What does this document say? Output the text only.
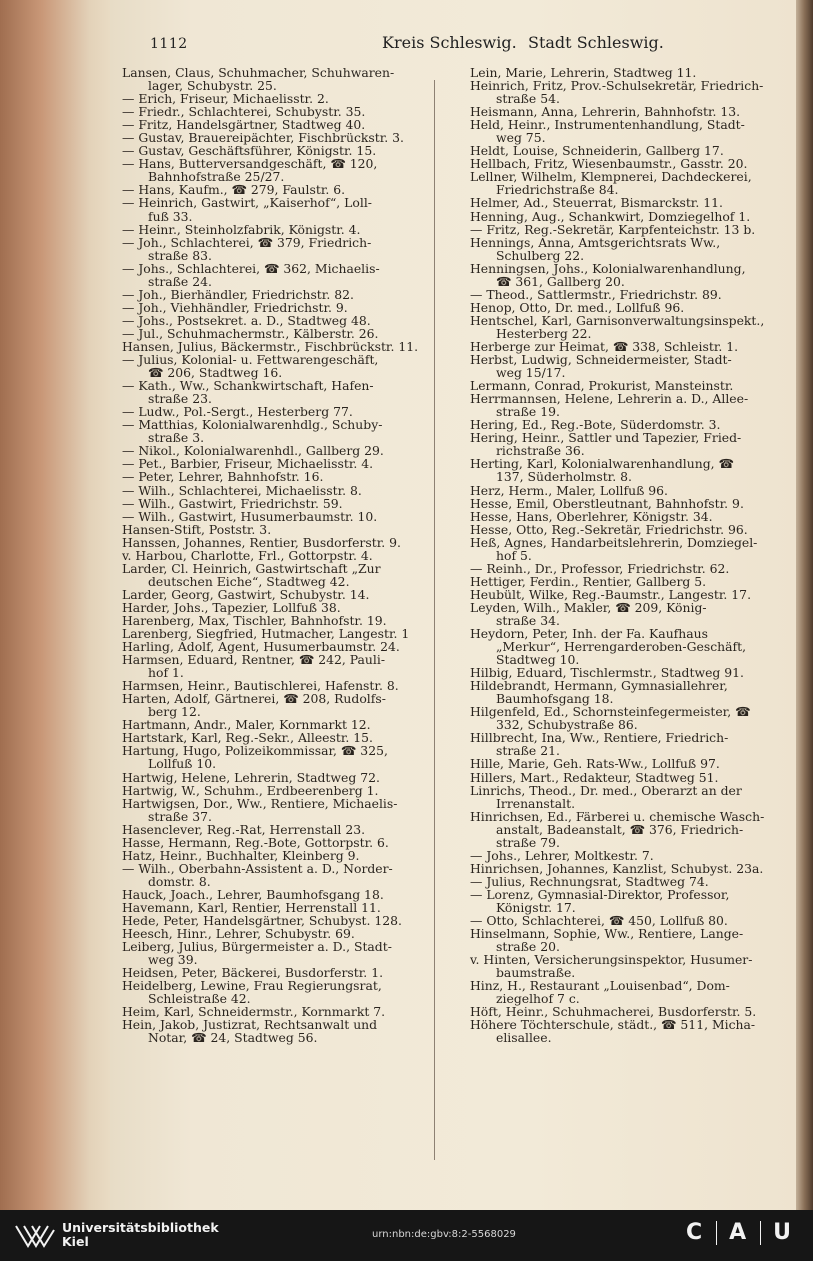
1112	Kreis Schleswig. Stadt Schleswig.
Lansen, Claus, Schuhmacher, Schuhwaren-
lager, Schubystr. 25.
— Erich, Friseur, Michaelisstr. 2.
— Friedr., Schlachterei, Schubystr. 35.
— Fritz, Handelsgärtner, Stadtweg 40.
— Gustav, Brauereipächter, Fischbrückstr. 3.
— Gustav, Geschäftsführer, Königstr. 15.
— Hans, Butterversandgeschäft, ☎ 120,
Bahnhofstraße 25/27.
— Hans, Kaufm., ☎ 279, Faulstr. 6.
— Heinrich, Gastwirt, „Kaiserhof“, Loll-
fuß 33.
— Heinr., Steinholzfabrik, Königstr. 4.
— Joh., Schlachterei, ☎ 379, Friedrich-
straße 83.
— Johs., Schlachterei, ☎ 362, Michaelis-
straße 24.
— Joh., Bierhändler, Friedrichstr. 82.
— Joh., Viehhändler, Friedrichstr. 9.
— Johs., Postsekret. a. D., Stadtweg 48.
— Jul., Schuhmachermstr., Kälberstr. 26.
Hansen, Julius, Bäckermstr., Fischbrückstr. 11.
— Julius, Kolonial- u. Fettwarengeschäft,
☎ 206, Stadtweg 16.
— Kath., Ww., Schankwirtschaft, Hafen-
straße 23.
— Ludw., Pol.-Sergt., Hesterberg 77.
— Matthias, Kolonialwarenhdlg., Schuby-
straße 3.
— Nikol., Kolonialwarenhdl., Gallberg 29.
— Pet., Barbier, Friseur, Michaelisstr. 4.
— Peter, Lehrer, Bahnhofstr. 16.
— Wilh., Schlachterei, Michaelisstr. 8.
— Wilh., Gastwirt, Friedrichstr. 59.
— Wilh., Gastwirt, Husumerbaumstr. 10.
Hansen-Stift, Poststr. 3.
Hanssen, Johannes, Rentier, Busdorferstr. 9.
v. Harbou, Charlotte, Frl., Gottorpstr. 4.
Larder, Cl. Heinrich, Gastwirtschaft „Zur
deutschen Eiche“, Stadtweg 42.
Larder, Georg, Gastwirt, Schubystr. 14.
Harder, Johs., Tapezier, Lollfuß 38.
Harenberg, Max, Tischler, Bahnhofstr. 19.
Larenberg, Siegfried, Hutmacher, Langestr. 1
Harling, Adolf, Agent, Husumerbaumstr. 24.
Harmsen, Eduard, Rentner, ☎ 242, Pauli-
hof 1.
Harmsen, Heinr., Bautischlerei, Hafenstr. 8.
Harten, Adolf, Gärtnerei, ☎ 208, Rudolfs-
berg 12.
Hartmann, Andr., Maler, Kornmarkt 12.
Hartstark, Karl, Reg.-Sekr., Alleestr. 15.
Hartung, Hugo, Polizeikommissar, ☎ 325,
Lollfuß 10.
Hartwig, Helene, Lehrerin, Stadtweg 72.
Hartwig, W., Schuhm., Erdbeerenberg 1.
Hartwigsen, Dor., Ww., Rentiere, Michaelis-
straße 37.
Hasenclever, Reg.-Rat, Herrenstall 23.
Hasse, Hermann, Reg.-Bote, Gottorpstr. 6.
Hatz, Heinr., Buchhalter, Kleinberg 9.
— Wilh., Oberbahn-Assistent a. D., Norder-
domstr. 8.
Hauck, Joach., Lehrer, Baumhofsgang 18.
Havemann, Karl, Rentier, Herrenstall 11.
Hede, Peter, Handelsgärtner, Schubyst. 128.
Heesch, Hinr., Lehrer, Schubystr. 69.
Leiberg, Julius, Bürgermeister a. D., Stadt-
weg 39.
Heidsen, Peter, Bäckerei, Busdorferstr. 1.
Heidelberg, Lewine, Frau Regierungsrat,
Schleistraße 42.
Heim, Karl, Schneidermstr., Kornmarkt 7.
Hein, Jakob, Justizrat, Rechtsanwalt und
Notar, ☎ 24, Stadtweg 56.
Lein, Marie, Lehrerin, Stadtweg 11.
Heinrich, Fritz, Prov.-Schulsekretär, Friedrich-
straße 54.
Heismann, Anna, Lehrerin, Bahnhofstr. 13.
Held, Heinr., Instrumentenhandlung, Stadt-
weg 75.
Heldt, Louise, Schneiderin, Gallberg 17.
Hellbach, Fritz, Wiesenbaumstr., Gasstr. 20.
Lellner, Wilhelm, Klempnerei, Dachdeckerei,
Friedrichstraße 84.
Helmer, Ad., Steuerrat, Bismarckstr. 11.
Henning, Aug., Schankwirt, Domziegelhof 1.
— Fritz, Reg.-Sekretär, Karpfenteichstr. 13 b.
Hennings, Anna, Amtsgerichtsrats Ww.,
Schulberg 22.
Henningsen, Johs., Kolonialwarenhandlung,
☎ 361, Gallberg 20.
— Theod., Sattlermstr., Friedrichstr. 89.
Henop, Otto, Dr. med., Lollfuß 96.
Hentschel, Karl, Garnisonverwaltungsinspekt.,
Hesterberg 22.
Herberge zur Heimat, ☎ 338, Schleistr. 1.
Herbst, Ludwig, Schneidermeister, Stadt-
weg 15/17.
Lermann, Conrad, Prokurist, Mansteinstr.
Herrmannsen, Helene, Lehrerin a. D., Allee-
straße 19.
Hering, Ed., Reg.-Bote, Süderdomstr. 3.
Hering, Heinr., Sattler und Tapezier, Fried-
richstraße 36.
Herting, Karl, Kolonialwarenhandlung, ☎
137, Süderholmstr. 8.
Herz, Herm., Maler, Lollfuß 96.
Hesse, Emil, Oberstleutnant, Bahnhofstr. 9.
Hesse, Hans, Oberlehrer, Königstr. 34.
Hesse, Otto, Reg.-Sekretär, Friedrichstr. 96.
Heß, Agnes, Handarbeitslehrerin, Domziegel-
hof 5.
— Reinh., Dr., Professor, Friedrichstr. 62.
Hettiger, Ferdin., Rentier, Gallberg 5.
Heubült, Wilke, Reg.-Baumstr., Langestr. 17.
Leyden, Wilh., Makler, ☎ 209, König-
straße 34.
Heydorn, Peter, Inh. der Fa. Kaufhaus
„Merkur“, Herrengarderoben-Geschäft,
Stadtweg 10.
Hilbig, Eduard, Tischlermstr., Stadtweg 91.
Hildebrandt, Hermann, Gymnasiallehrer,
Baumhofsgang 18.
Hilgenfeld, Ed., Schornsteinfegermeister, ☎
332, Schubystraße 86.
Hillbrecht, Ina, Ww., Rentiere, Friedrich-
straße 21.
Hille, Marie, Geh. Rats-Ww., Lollfuß 97.
Hillers, Mart., Redakteur, Stadtweg 51.
Linrichs, Theod., Dr. med., Oberarzt an der
Irrenanstalt.
Hinrichsen, Ed., Färberei u. chemische Wasch-
anstalt, Badeanstalt, ☎ 376, Friedrich-
straße 79.
— Johs., Lehrer, Moltkestr. 7.
Hinrichsen, Johannes, Kanzlist, Schubyst. 23a.
— Julius, Rechnungsrat, Stadtweg 74.
— Lorenz, Gymnasial-Direktor, Professor,
Königstr. 17.
— Otto, Schlachterei, ☎ 450, Lollfuß 80.
Hinselmann, Sophie, Ww., Rentiere, Lange-
straße 20.
v. Hinten, Versicherungsinspektor, Husumer-
baumstraße.
Hinz, H., Restaurant „Louisenbad“, Dom-
ziegelhof 7 c.
Höft, Heinr., Schuhmacherei, Busdorferstr. 5.
Höhere Töchterschule, städt., ☎ 511, Micha-
elisallee.
Universitätsbibliothek
Kiel	urn:nbn:de:gbv:8:2-5568029	C A U
